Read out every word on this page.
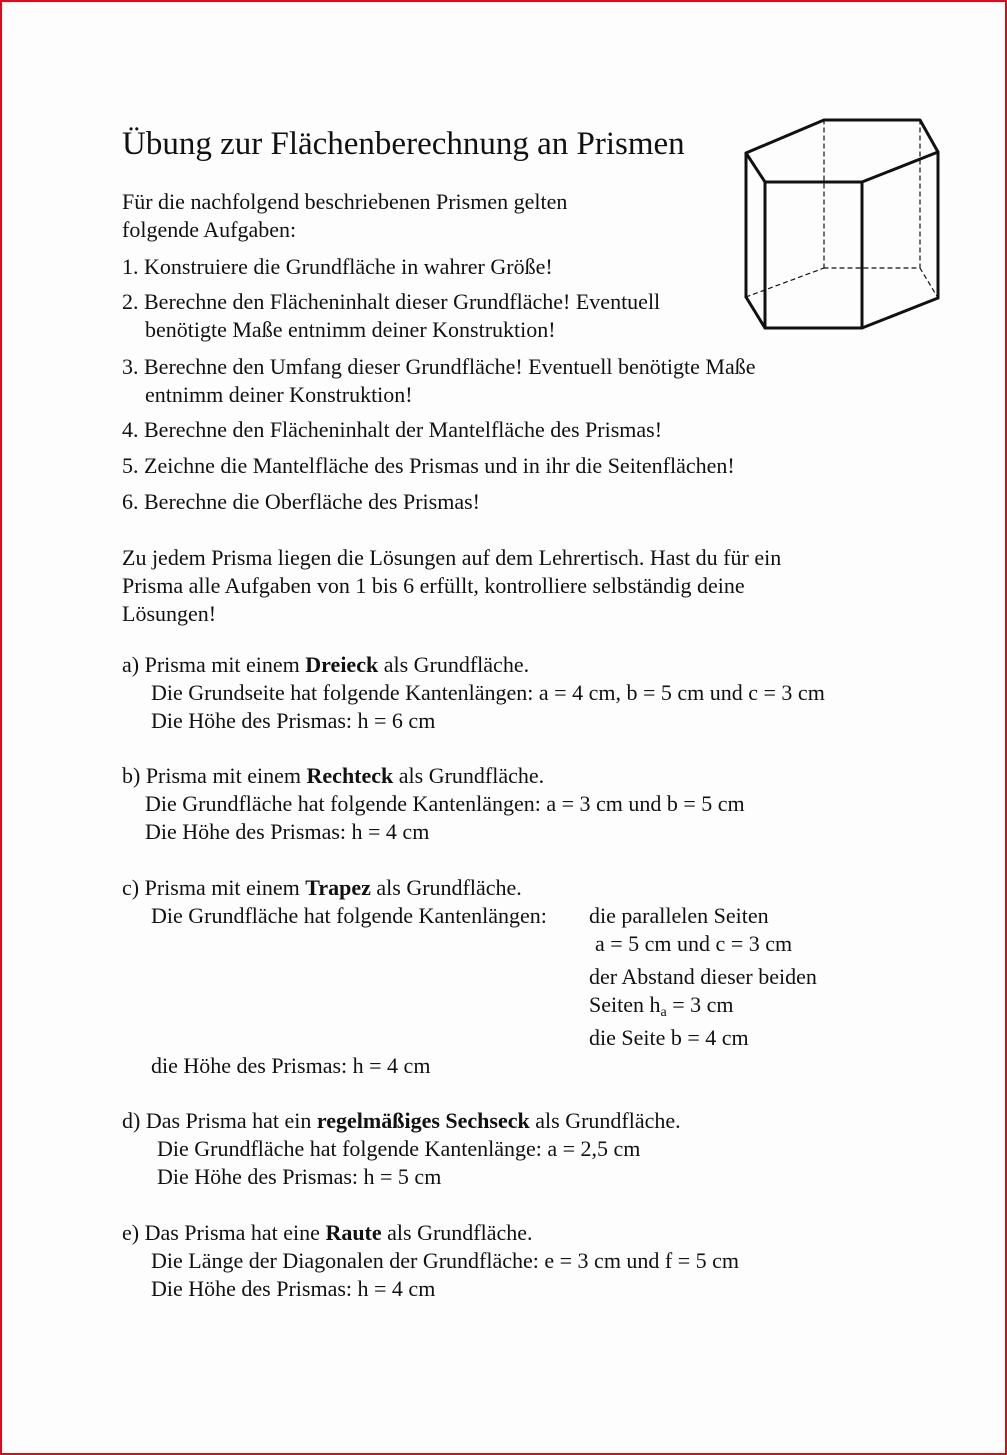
Übung zur Flächenberechnung an Prismen
Für die nachfolgend beschriebenen Prismen gelten
folgende Aufgaben:
1. Konstruiere die Grundfläche in wahrer Größe!
2. Berechne den Flächeninhalt dieser Grundfläche! Eventuell
benötigte Maße entnimm deiner Konstruktion!
3. Berechne den Umfang dieser Grundfläche! Eventuell benötigte Maße
entnimm deiner Konstruktion!
4. Berechne den Flächeninhalt der Mantelfläche des Prismas!
5. Zeichne die Mantelfläche des Prismas und in ihr die Seitenflächen!
6. Berechne die Oberfläche des Prismas!
Zu jedem Prisma liegen die Lösungen auf dem Lehrertisch. Hast du für ein
Prisma alle Aufgaben von 1 bis 6 erfüllt, kontrolliere selbständig deine
Lösungen!
a) Prisma mit einem Dreieck als Grundfläche.
Die Grundseite hat folgende Kantenlängen: a = 4 cm, b = 5 cm und c = 3 cm
Die Höhe des Prismas: h = 6 cm
b) Prisma mit einem Rechteck als Grundfläche.
Die Grundfläche hat folgende Kantenlängen: a = 3 cm und b = 5 cm
Die Höhe des Prismas: h = 4 cm
c) Prisma mit einem Trapez als Grundfläche.
Die Grundfläche hat folgende Kantenlängen: die parallelen Seiten
a = 5 cm und c = 3 cm
der Abstand dieser beiden
Seiten $h_a = 3$ cm
die Seite b = 4 cm
die Höhe des Prismas: h = 4 cm
d) Das Prisma hat ein regelmäßiges Sechseck als Grundfläche.
Die Grundfläche hat folgende Kantenlänge: a = 2,5 cm
Die Höhe des Prismas: h = 5 cm
e) Das Prisma hat eine Raute als Grundfläche.
Die Länge der Diagonalen der Grundfläche: e = 3 cm und f = 5 cm
Die Höhe des Prismas: h = 4 cm
